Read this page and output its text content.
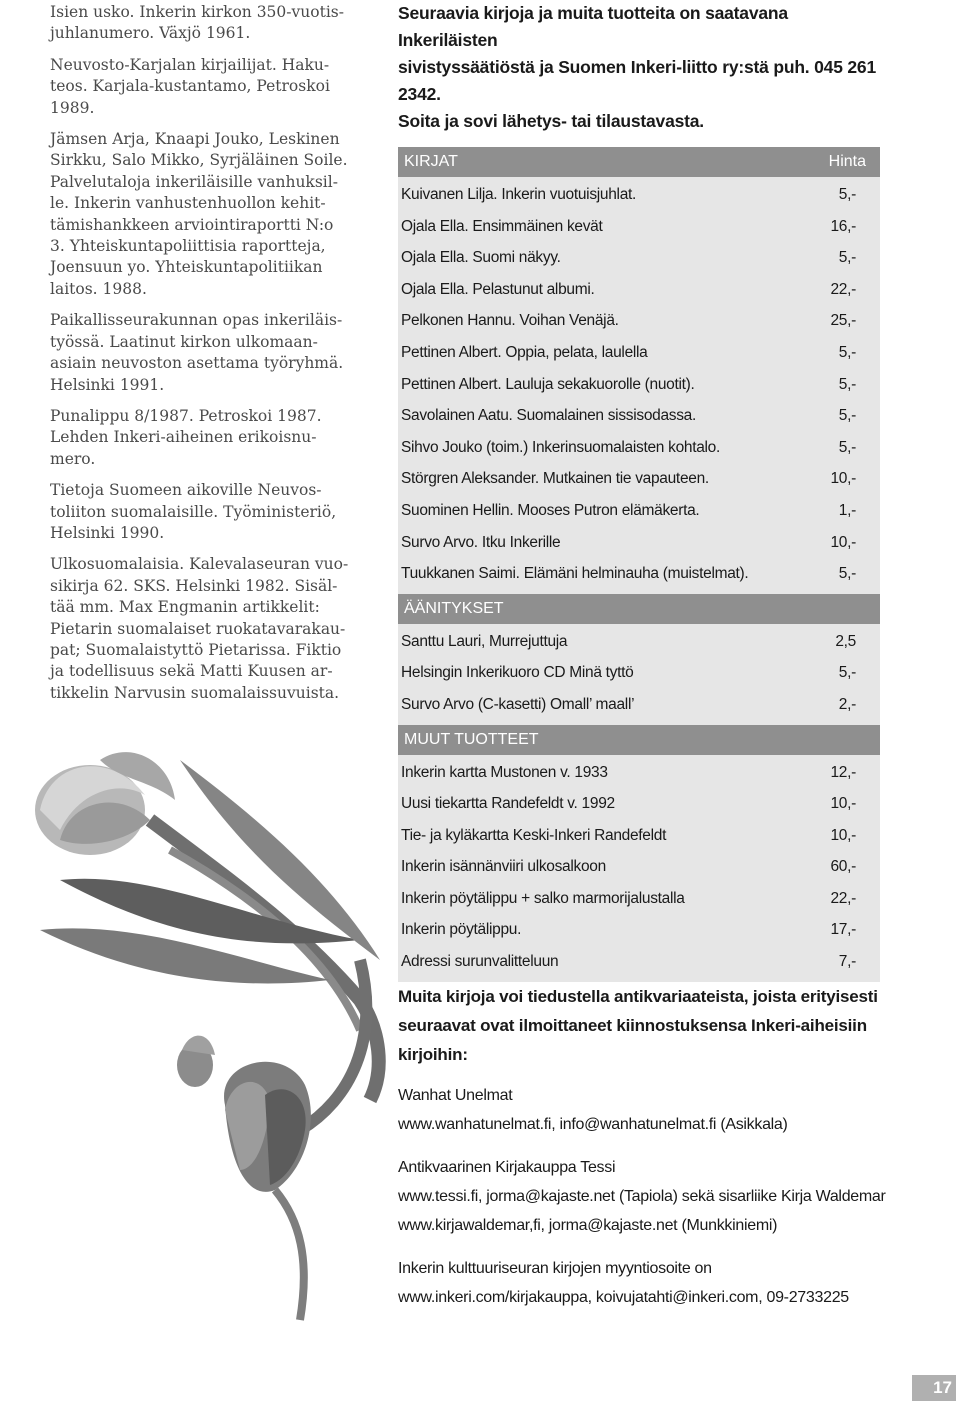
Isien usko. Inkerin kirkon 350-vuotis-
juhlanumero. Växjö 1961.

Neuvosto-Karjalan kirjailijat. Haku-
teos. Karjala-kustantamo, Petroskoi
1989.

Jämsen Arja, Knaapi Jouko, Leskinen
Sirkku, Salo Mikko, Syrjäläinen Soile.
Palvelutaloja inkeriläisille vanhuksil-
le. Inkerin vanhustenhuollon kehit-
tämishankkeen arviointiraportti N:o
3. Yhteiskuntapoliittisia raportteja,
Joensuun yo. Yhteiskuntapolitiikan
laitos. 1988.

Paikallisseurakunnan opas inkeriläis-
työssä. Laatinut kirkon ulkomaan-
asiain neuvoston asettama työryhmä.
Helsinki 1991.

Punalippu 8/1987. Petroskoi 1987.
Lehden Inkeri-aiheinen erikoisnu-
mero.

Tietoja Suomeen aikoville Neuvos-
toliiton suomalaisille. Työministeriö,
Helsinki 1990.

Ulkosuomalaisia. Kalevalaseuran vuo-
sikirja 62. SKS. Helsinki 1982. Sisäl-
tää mm. Max Engmanin artikkelit:
Pietarin suomalaiset ruokatavarakau-
pat; Suomalaistyttö Pietarissa. Fiktio
ja todellisuus sekä Matti Kuusen ar-
tikkelin Narvusin suomalaissuvuista.

Seuraavia kirjoja ja muita tuotteita on saatavana Inkeriläisten
sivistyssäätiöstä ja Suomen Inkeri-liitto ry:stä puh. 045 261 2342.
Soita ja sovi lähetys- tai tilaustavasta.

KIRJAT	Hinta
Kuivanen Lilja. Inkerin vuotuisjuhlat.	5,-
Ojala Ella. Ensimmäinen kevät	16,-
Ojala Ella. Suomi näkyy.	5,-
Ojala Ella. Pelastunut albumi.	22,-
Pelkonen Hannu. Voihan Venäjä.	25,-
Pettinen Albert. Oppia, pelata, laulella	5,-
Pettinen Albert. Lauluja sekakuorolle (nuotit).	5,-
Savolainen Aatu. Suomalainen sissisodassa.	5,-
Sihvo Jouko (toim.) Inkerinsuomalaisten kohtalo.	5,-
Störgren Aleksander. Mutkainen tie vapauteen.	10,-
Suominen Hellin. Mooses Putron elämäkerta.	1,-
Survo Arvo. Itku Inkerille	10,-
Tuukkanen Saimi. Elämäni helminauha (muistelmat).	5,-
ÄÄNITYKSET
Santtu Lauri, Murrejuttuja	2,5
Helsingin Inkerikuoro CD Minä tyttö	5,-
Survo Arvo (C-kasetti) Omall’ maall’	2,-
MUUT TUOTTEET
Inkerin kartta Mustonen v. 1933	12,-
Uusi tiekartta Randefeldt v. 1992	10,-
Tie- ja kyläkartta Keski-Inkeri Randefeldt	10,-
Inkerin isännänviiri ulkosalkoon	60,-
Inkerin pöytälippu + salko marmorijalustalla	22,-
Inkerin pöytälippu.	17,-
Adressi surunvalitteluun	7,-

Muita kirjoja voi tiedustella antikvariaateista, joista erityisesti
seuraavat ovat ilmoittaneet kiinnostuksensa Inkeri-aiheisiin
kirjoihin:

Wanhat Unelmat
www.wanhatunelmat.fi, info@wanhatunelmat.fi (Asikkala)

Antikvaarinen Kirjakauppa Tessi
www.tessi.fi, jorma@kajaste.net (Tapiola) sekä sisarliike Kirja Waldemar
www.kirjawaldemar,fi, jorma@kajaste.net (Munkkiniemi)

Inkerin kulttuuriseuran kirjojen myyntiosoite on
www.inkeri.com/kirjakauppa, koivujatahti@inkeri.com, 09-2733225

17
